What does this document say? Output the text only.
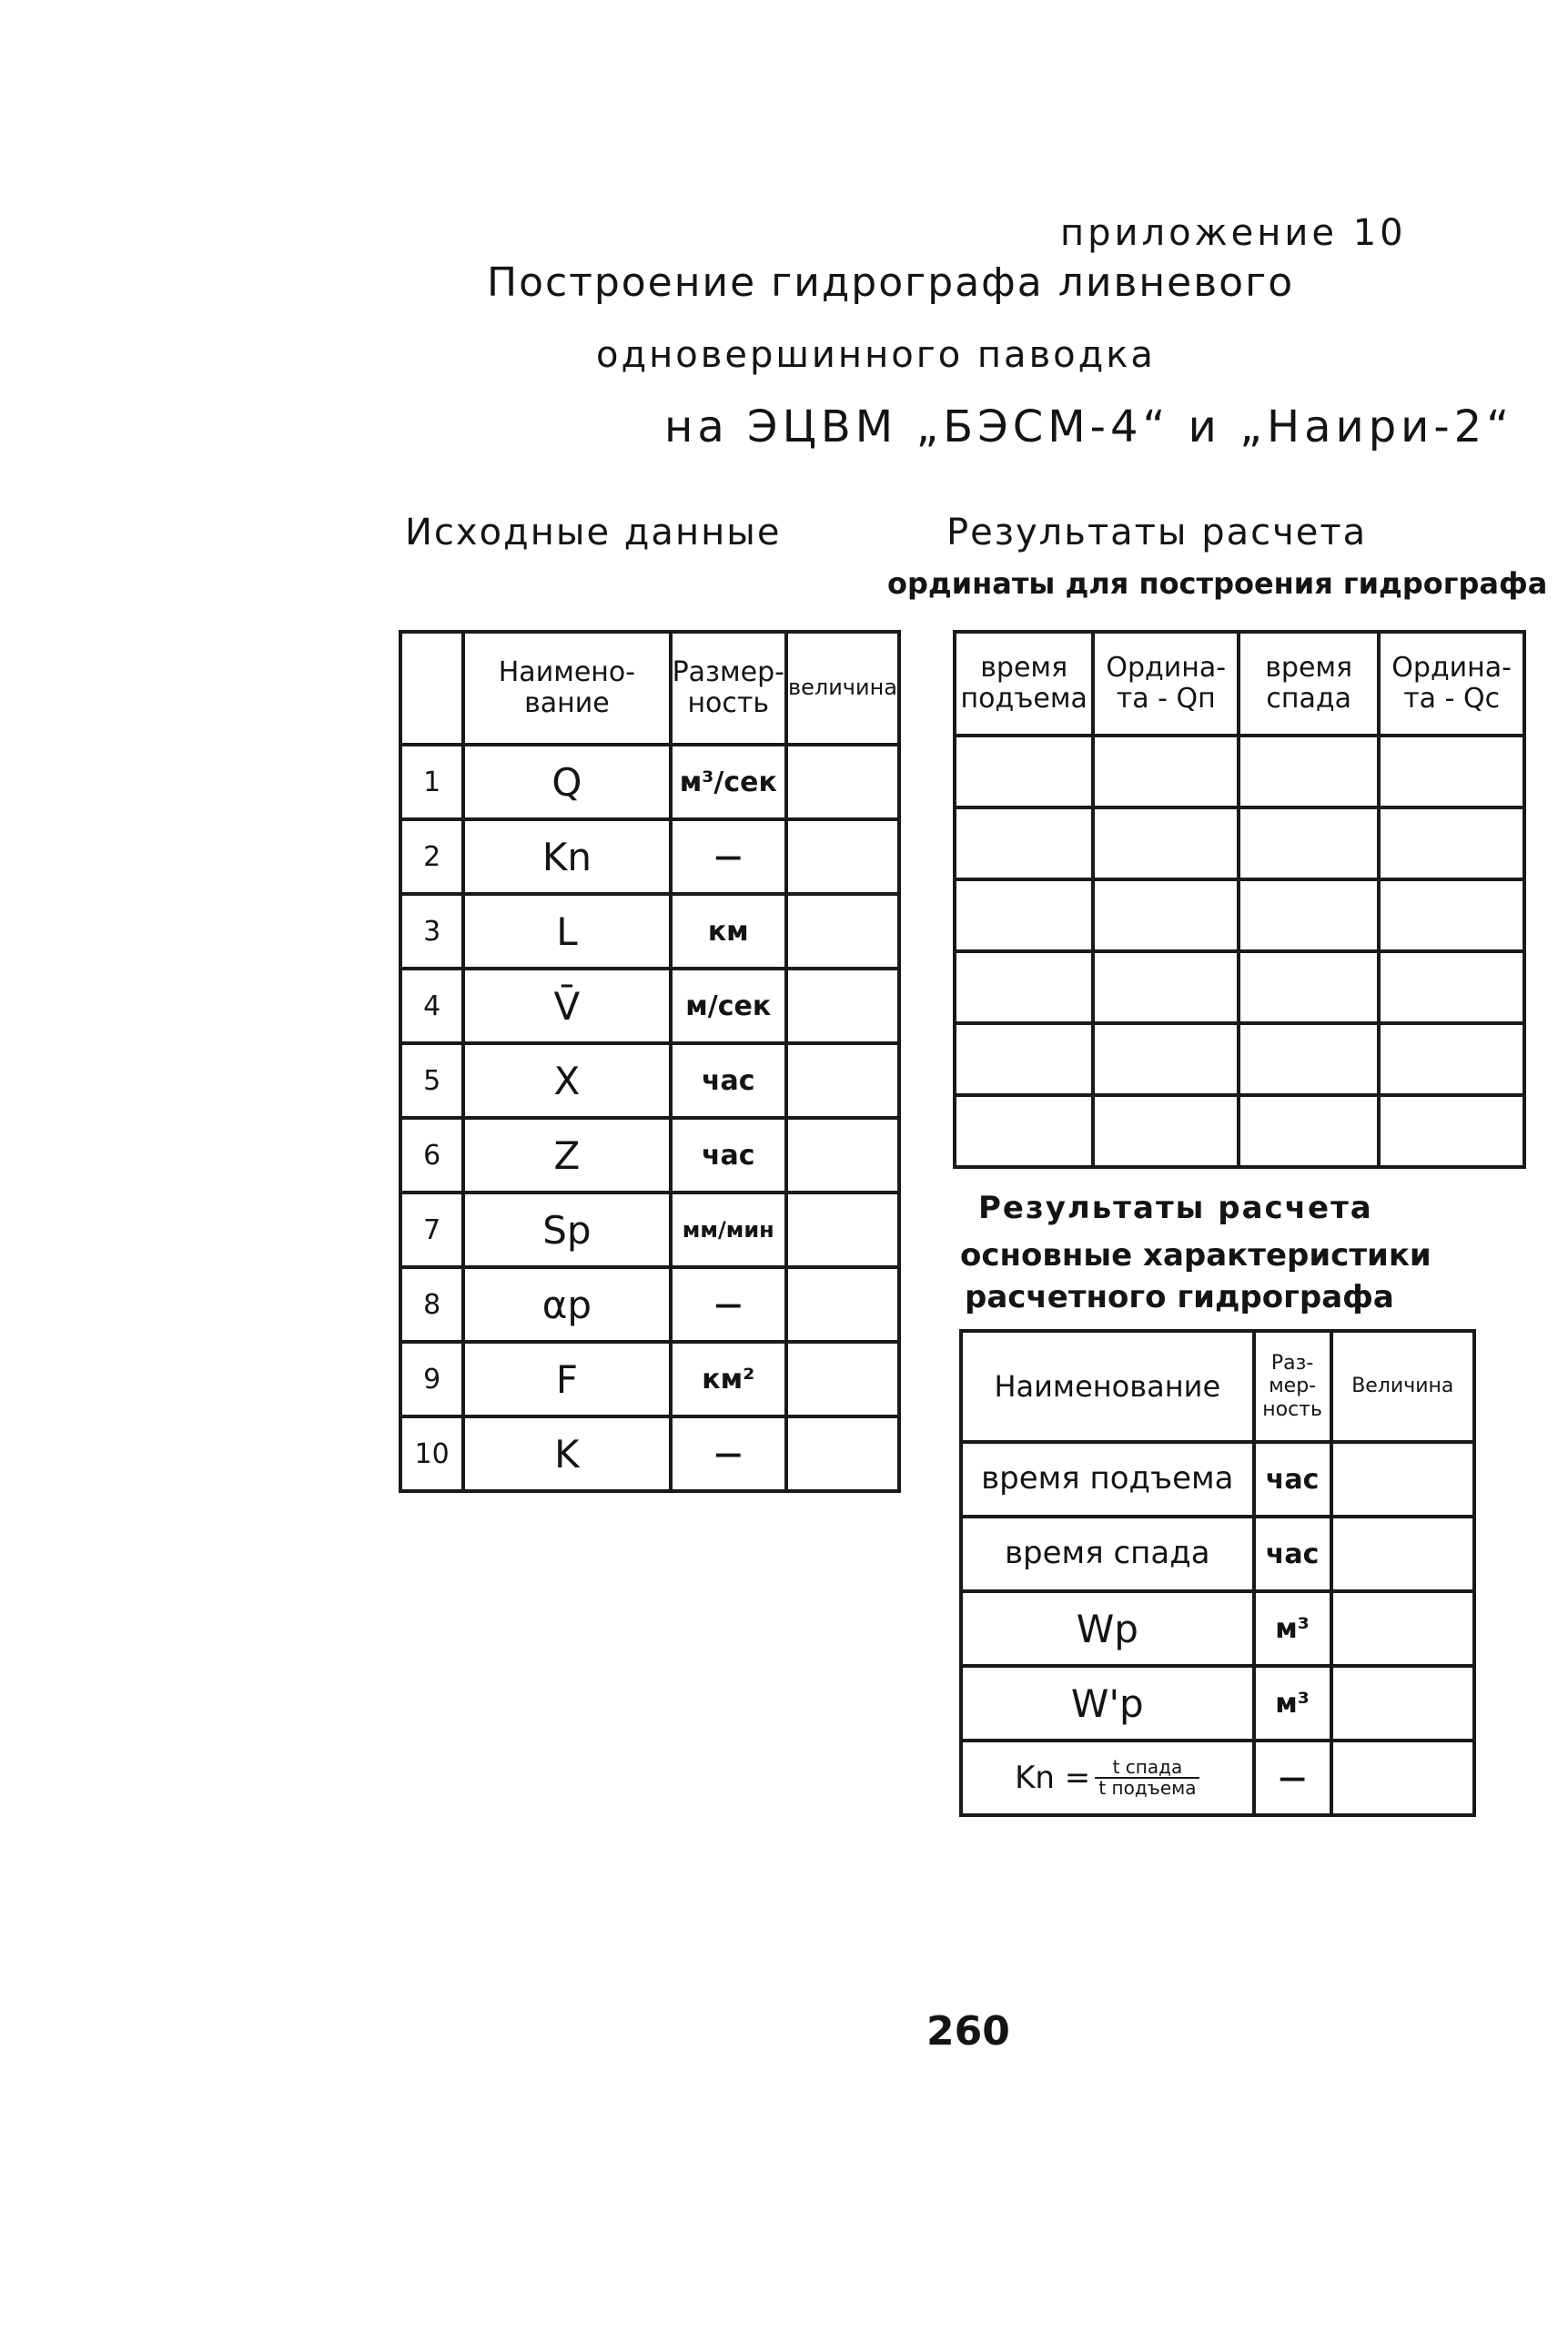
приложение 10
Построение гидрографа ливневого
одновершинного паводка
на ЭЦВМ „БЭСМ-4“ и „Наири-2“
Исходные данные	Результаты расчета
ординаты для построения гидрографа
	Наимено-вание	Размер-ность	величина
1	Q	м³/сек	
2	Kn	—	
3	L	км	
4	V̄	м/сек	
5	X	час	
6	Z	час	
7	Sp	мм/мин	
8	αp	—	
9	F	км²	
10	K	—	
время подъема	Ордина-та - Qп	время спада	Ордина-та - Qс

Результаты расчета
основные характеристики
расчетного гидрографа
Наименование	Раз-мер-ность	Величина
время подъема	час	
время спада	час	
Wp	м³	
W'p	м³	
$Kn = \frac{\text{t спада}}{\text{t подъема}}$	—	
260
